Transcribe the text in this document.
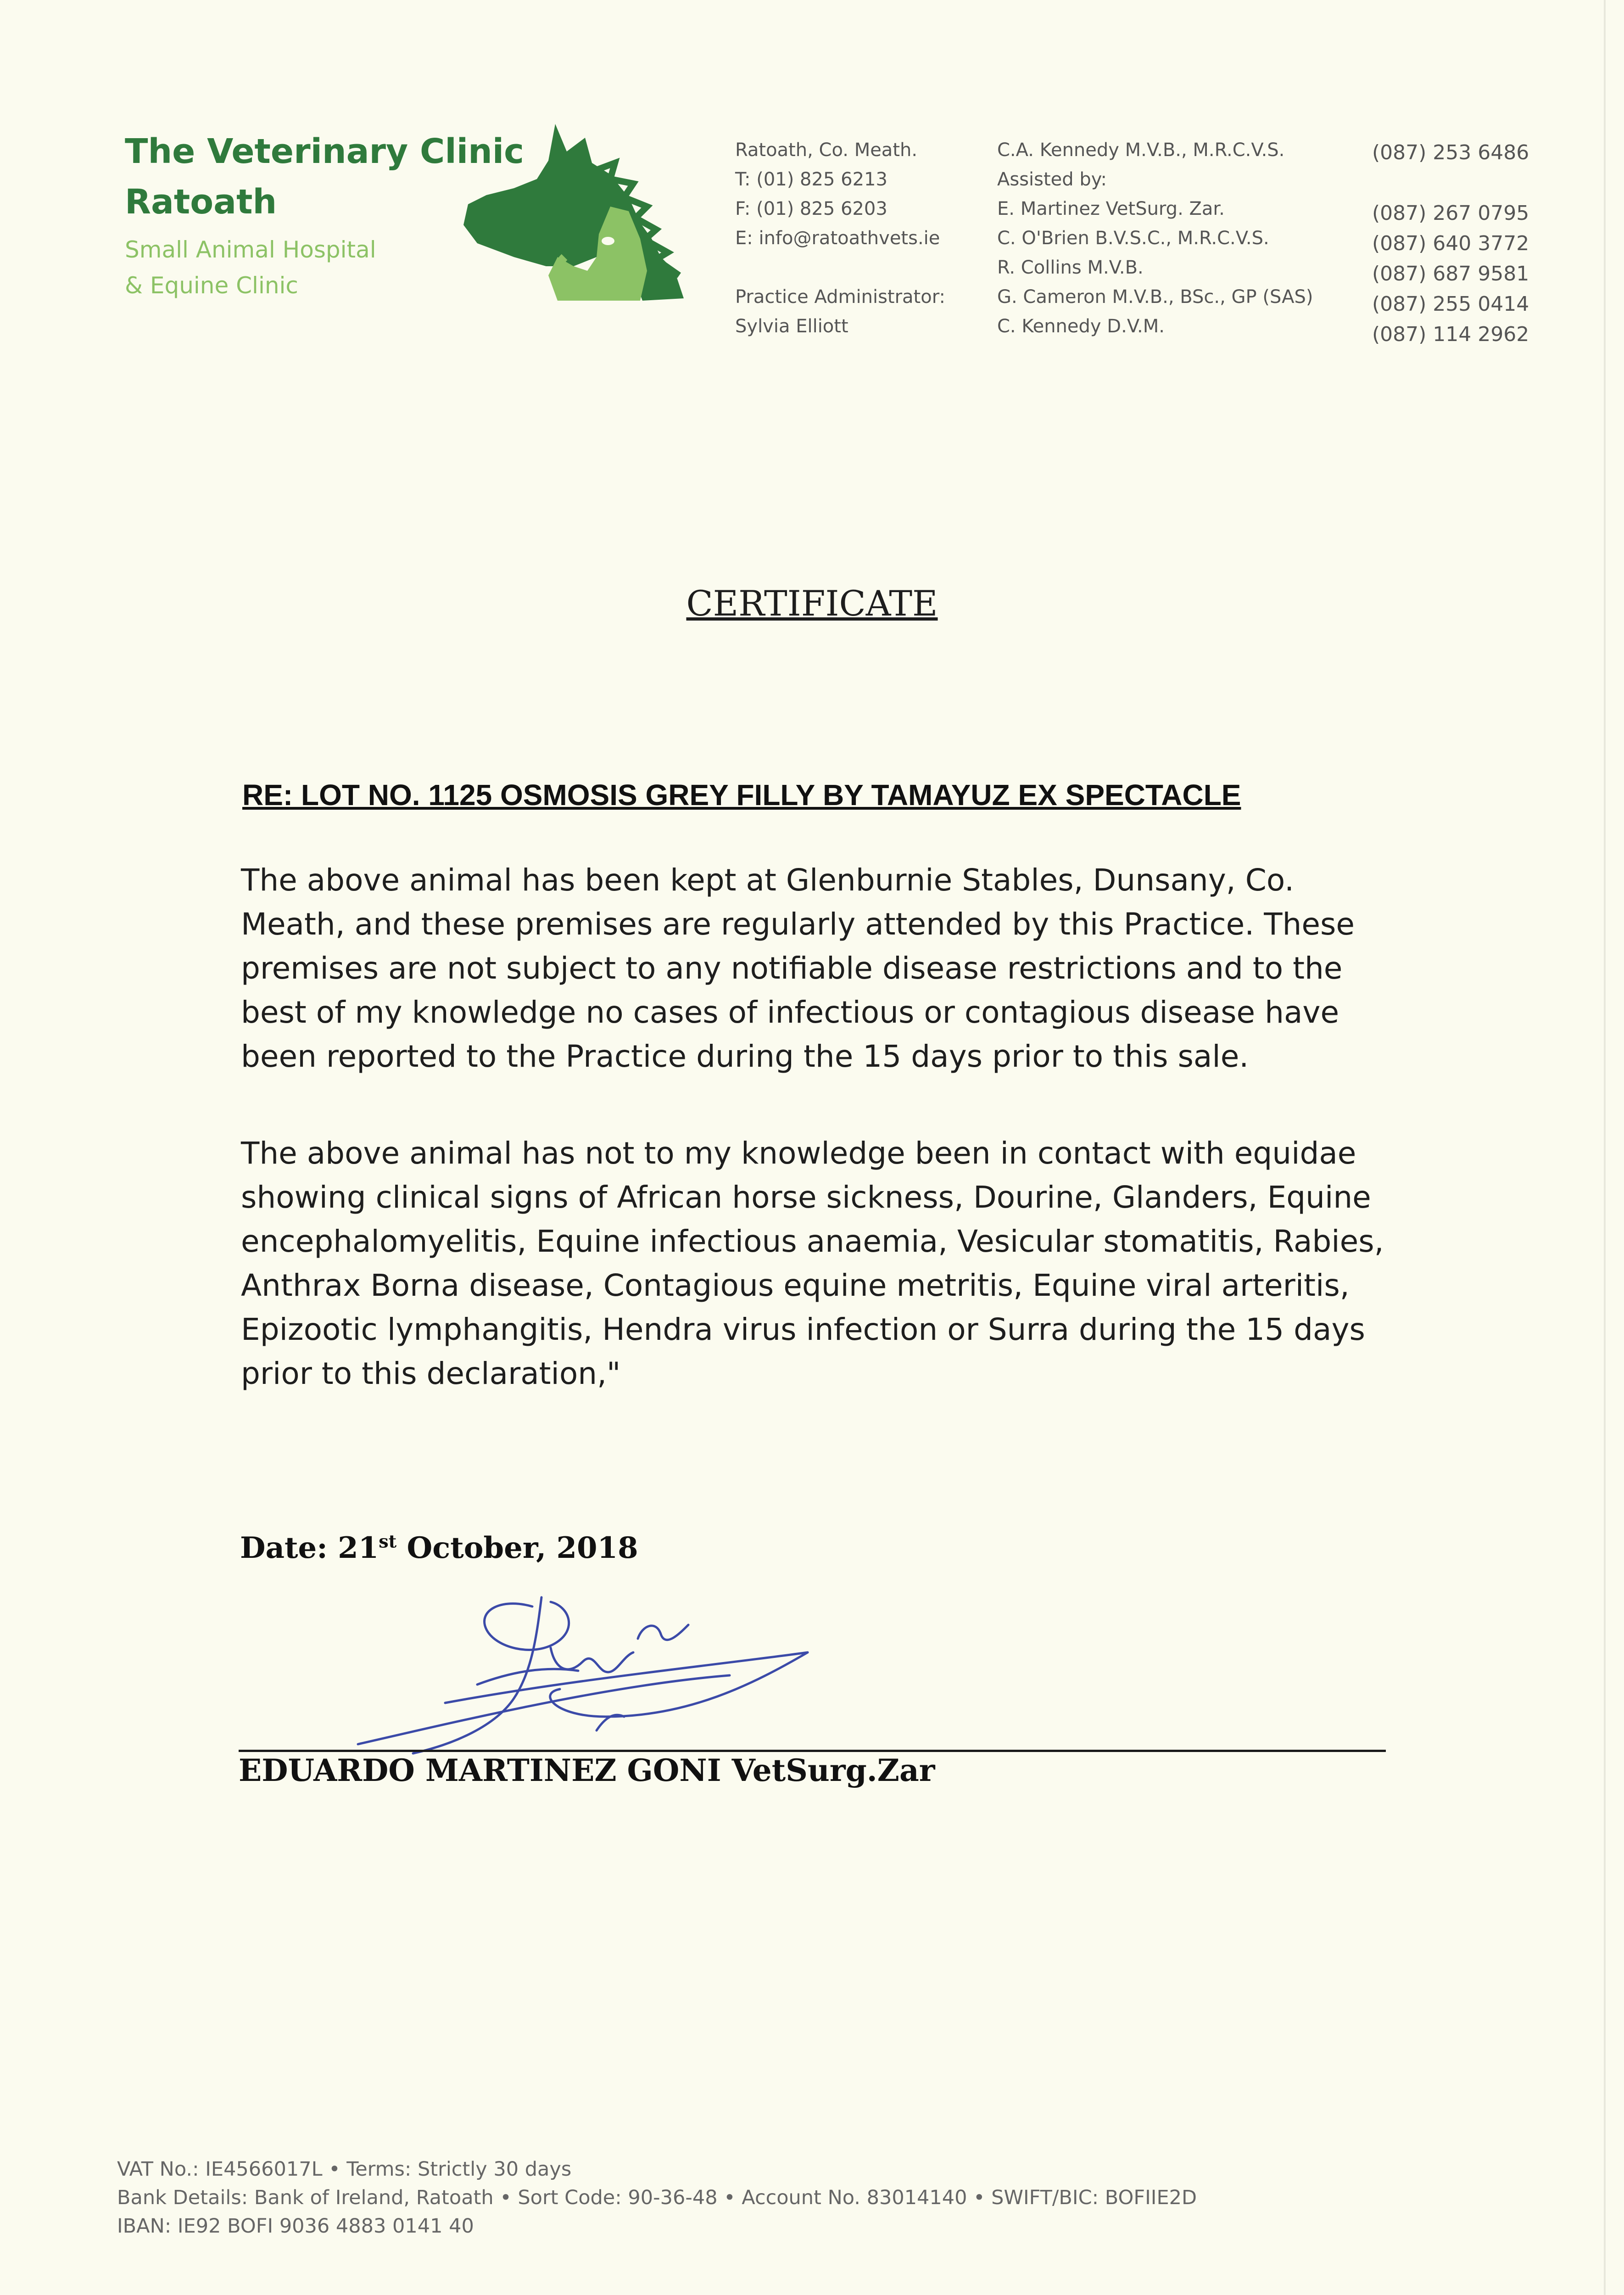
The Veterinary Clinic
Ratoath
Small Animal Hospital
& Equine Clinic
Ratoath, Co. Meath.
T: (01) 825 6213
F: (01) 825 6203
E: info@ratoathvets.ie

Practice Administrator:
Sylvia Elliott
C.A. Kennedy M.V.B., M.R.C.V.S.
Assisted by:
E. Martinez VetSurg. Zar.
C. O'Brien B.V.S.C., M.R.C.V.S.
R. Collins M.V.B.
G. Cameron M.V.B., BSc., GP (SAS)
C. Kennedy D.V.M.
(087) 253 6486

(087) 267 0795
(087) 640 3772
(087) 687 9581
(087) 255 0414
(087) 114 2962
CERTIFICATE
RE: LOT NO. 1125 OSMOSIS GREY FILLY BY TAMAYUZ EX SPECTACLE

The above animal has been kept at Glenburnie Stables, Dunsany, Co. Meath, and these premises are regularly attended by this Practice. These premises are not subject to any notifiable disease restrictions and to the best of my knowledge no cases of infectious or contagious disease have been reported to the Practice during the 15 days prior to this sale.

The above animal has not to my knowledge been in contact with equidae showing clinical signs of African horse sickness, Dourine, Glanders, Equine encephalomyelitis, Equine infectious anaemia, Vesicular stomatitis, Rabies, Anthrax Borna disease, Contagious equine metritis, Equine viral arteritis, Epizootic lymphangitis, Hendra virus infection or Surra during the 15 days prior to this declaration,"

Date: 21st October, 2018
EDUARDO MARTINEZ GONI VetSurg.Zar
VAT No.: IE4566017L • Terms: Strictly 30 days
Bank Details: Bank of Ireland, Ratoath • Sort Code: 90-36-48 • Account No. 83014140 • SWIFT/BIC: BOFIIE2D
IBAN: IE92 BOFI 9036 4883 0141 40
